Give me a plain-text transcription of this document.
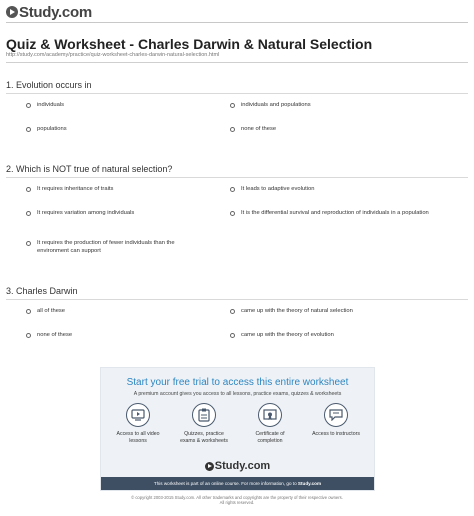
Study.com
Quiz & Worksheet - Charles Darwin & Natural Selection
http://study.com/academy/practice/quiz-worksheet-charles-darwin-natural-selection.html
1. Evolution occurs in
individuals	individuals and populations
populations	none of these
2. Which is NOT true of natural selection?
It requires inheritance of traits	It leads to adaptive evolution
It requires variation among individuals	It is the differential survival and reproduction of individuals in a population
It requires the production of fewer individuals than the environment can support
3. Charles Darwin
all of these	came up with the theory of natural selection
none of these	came up with the theory of evolution
Start your free trial to access this entire worksheet
A premium account gives you access to all lessons, practice exams, quizzes & worksheets
Access to all video lessons
Quizzes, practice exams & worksheets
Certificate of completion
Access to instructors
Study.com
This worksheet is part of an online course. For more information, go to Study.com
© copyright 2003-2015 Study.com. All other trademarks and copyrights are the property of their respective owners.
All rights reserved.
